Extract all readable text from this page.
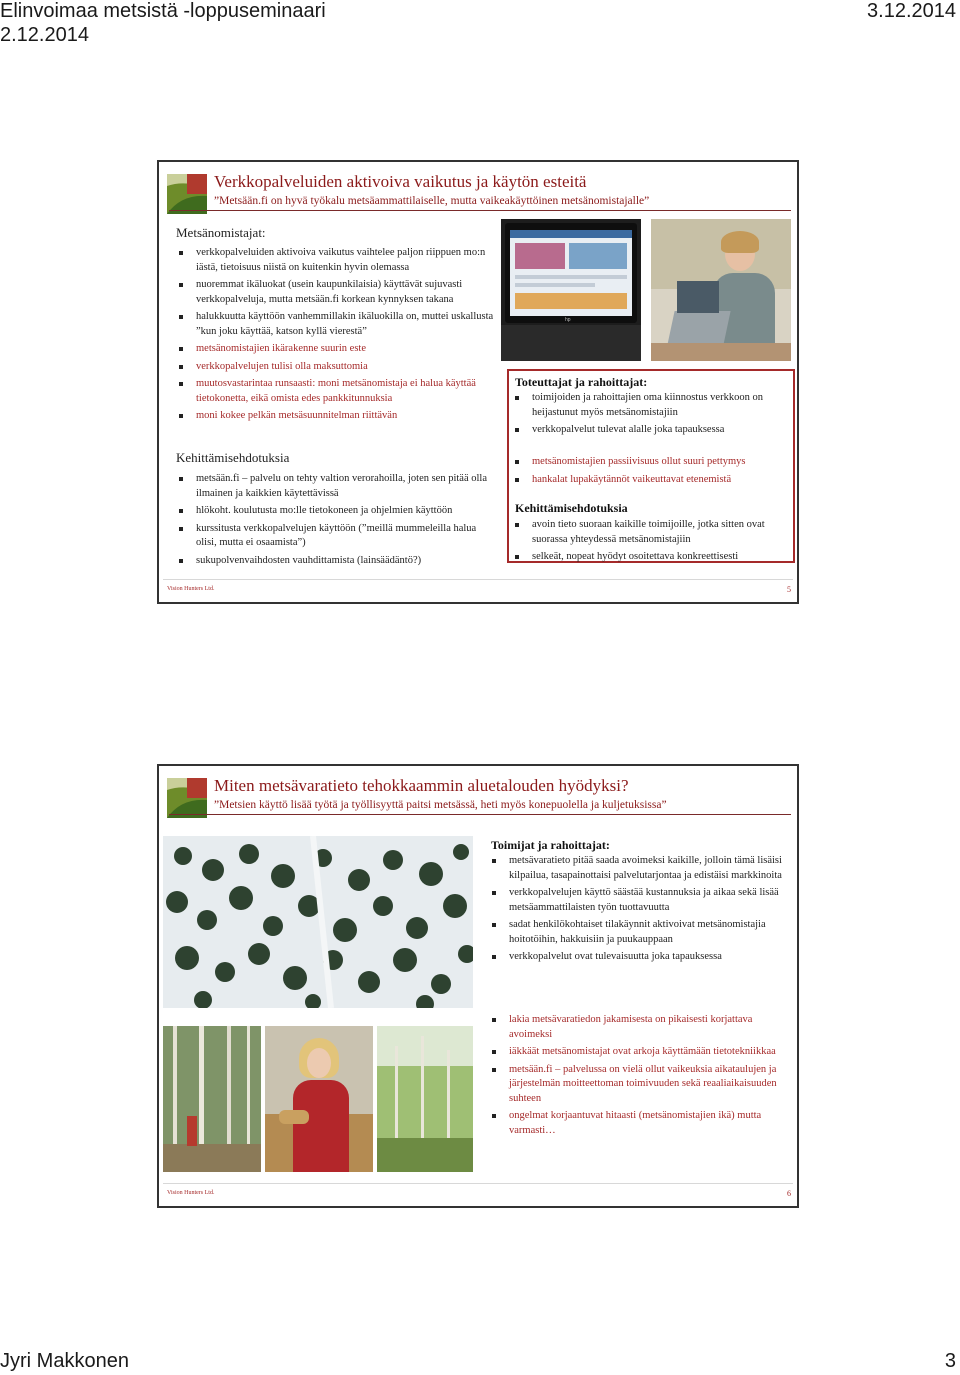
Elinvoimaa metsistä -loppuseminaari	3.12.2014
2.12.2014
Verkkopalveluiden aktivoiva vaikutus ja käytön esteitä
”Metsään.fi on hyvä työkalu metsäammattilaiselle, mutta vaikeakäyttöinen metsänomistajalle”
Metsänomistajat:
verkkopalveluiden aktivoiva vaikutus vaihtelee paljon riippuen mo:n iästä, tietoisuus niistä on kuitenkin hyvin olemassa
nuoremmat ikäluokat (usein kaupunkilaisia) käyttävät sujuvasti verkkopalveluja, mutta metsään.fi korkean kynnyksen takana
halukkuutta käyttöön vanhemmillakin ikäluokilla on, muttei uskallusta ”kun joku käyttää, katson kyllä vierestä”
metsänomistajien ikärakenne suurin este
verkkopalvelujen tulisi olla maksuttomia
muutosvastarintaa runsaasti: moni metsänomistaja ei halua käyttää tietokonetta, eikä omista edes pankkitunnuksia
moni kokee pelkän metsäsuunnitelman riittävän
Kehittämisehdotuksia
metsään.fi – palvelu on tehty valtion verorahoilla, joten sen pitää olla ilmainen ja kaikkien käytettävissä
hlökoht. koulutusta mo:lle tietokoneen ja ohjelmien käyttöön
kurssitusta verkkopalvelujen käyttöön (”meillä mummeleilla halua olisi, mutta ei osaamista”)
sukupolvenvaihdosten vauhdittamista (lainsäädäntö?)
hp
Toteuttajat ja rahoittajat:
toimijoiden ja rahoittajien oma kiinnostus verkkoon on heijastunut myös metsänomistajiin
verkkopalvelut tulevat alalle joka tapauksessa
metsänomistajien passiivisuus ollut suuri pettymys
hankalat lupakäytännöt vaikeuttavat etenemistä
Kehittämisehdotuksia
avoin tieto suoraan kaikille toimijoille, jotka sitten ovat suorassa yhteydessä metsänomistajiin
selkeät, nopeat hyödyt osoitettava konkreettisesti
Vision Hunters Ltd.	5
Miten metsävaratieto tehokkaammin aluetalouden hyödyksi?
”Metsien käyttö lisää työtä ja työllisyyttä paitsi metsässä, heti myös konepuolella ja kuljetuksissa”
Toimijat ja rahoittajat:
metsävaratieto pitää saada avoimeksi kaikille, jolloin tämä lisäisi kilpailua, tasapainottaisi palvelutarjontaa ja edistäisi markkinoita
verkkopalvelujen käyttö säästää kustannuksia ja aikaa sekä lisää metsäammattilaisten työn tuottavuutta
sadat henkilökohtaiset tilakäynnit aktivoivat metsänomistajia hoitotöihin, hakkuisiin ja puukauppaan
verkkopalvelut ovat tulevaisuutta joka tapauksessa
lakia metsävaratiedon jakamisesta on pikaisesti korjattava avoimeksi
iäkkäät metsänomistajat ovat arkoja käyttämään tietotekniikkaa
metsään.fi – palvelussa on vielä ollut vaikeuksia aikataulujen ja järjestelmän moitteettoman toimivuuden sekä reaaliaikaisuuden suhteen
ongelmat korjaantuvat hitaasti (metsänomistajien ikä) mutta varmasti…
Vision Hunters Ltd.	6
Jyri Makkonen	3
